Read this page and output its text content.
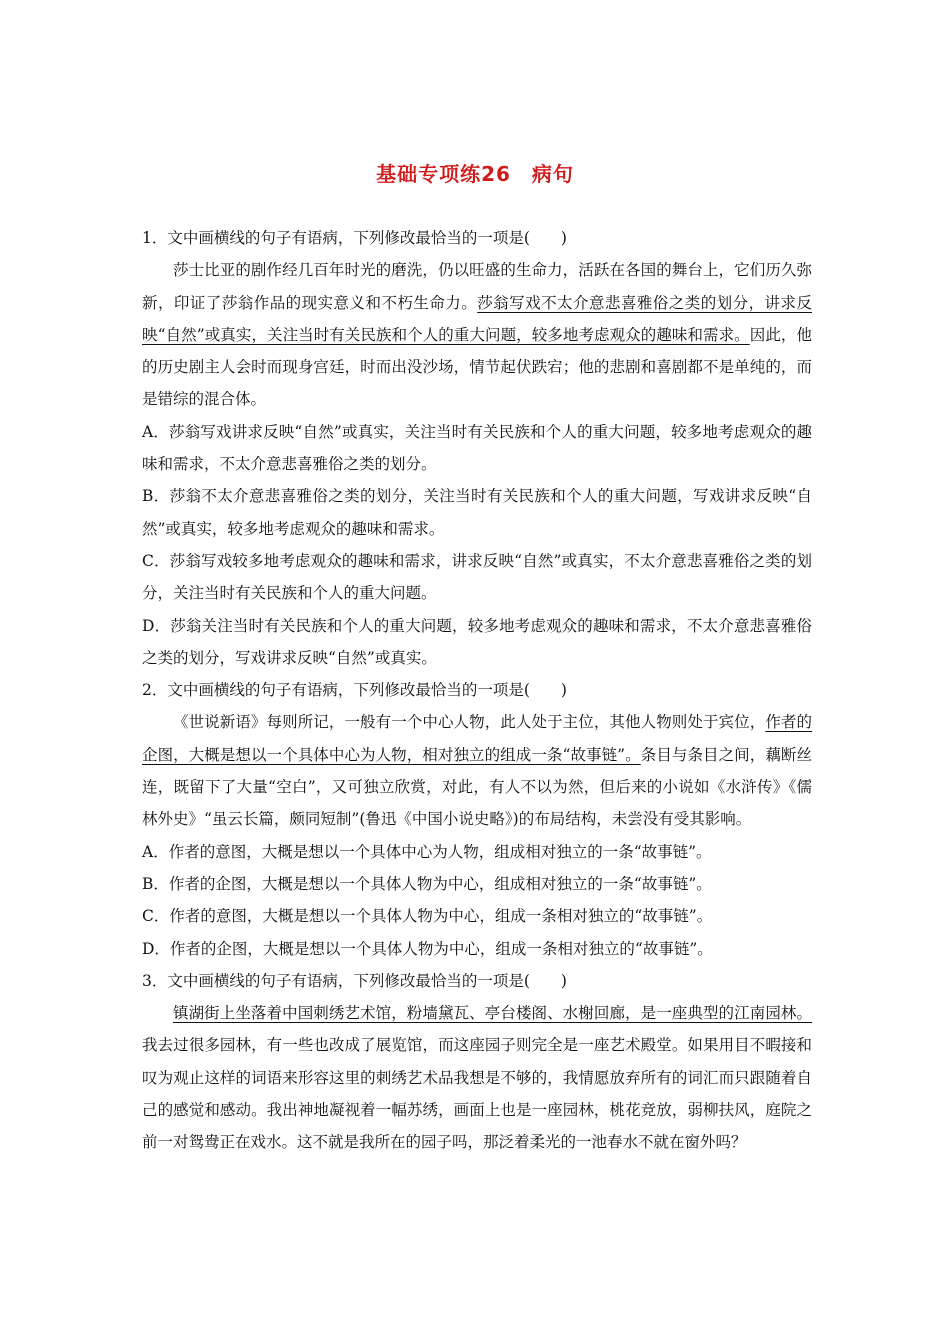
基础专项练26　病句

1．文中画横线的句子有语病，下列修改最恰当的一项是(　　)

莎士比亚的剧作经几百年时光的磨洗，仍以旺盛的生命力，活跃在各国的舞台上，它们历久弥新，印证了莎翁作品的现实意义和不朽生命力。莎翁写戏不太介意悲喜雅俗之类的划分，讲求反映“自然”或真实，关注当时有关民族和个人的重大问题，较多地考虑观众的趣味和需求。因此，他的历史剧主人会时而现身宫廷，时而出没沙场，情节起伏跌宕；他的悲剧和喜剧都不是单纯的，而是错综的混合体。

A．莎翁写戏讲求反映“自然”或真实，关注当时有关民族和个人的重大问题，较多地考虑观众的趣味和需求，不太介意悲喜雅俗之类的划分。

B．莎翁不太介意悲喜雅俗之类的划分，关注当时有关民族和个人的重大问题，写戏讲求反映“自然”或真实，较多地考虑观众的趣味和需求。

C．莎翁写戏较多地考虑观众的趣味和需求，讲求反映“自然”或真实，不太介意悲喜雅俗之类的划分，关注当时有关民族和个人的重大问题。

D．莎翁关注当时有关民族和个人的重大问题，较多地考虑观众的趣味和需求，不太介意悲喜雅俗之类的划分，写戏讲求反映“自然”或真实。

2．文中画横线的句子有语病，下列修改最恰当的一项是(　　)

《世说新语》每则所记，一般有一个中心人物，此人处于主位，其他人物则处于宾位，作者的企图，大概是想以一个具体中心为人物，相对独立的组成一条“故事链”。条目与条目之间，藕断丝连，既留下了大量“空白”，又可独立欣赏，对此，有人不以为然，但后来的小说如《水浒传》《儒林外史》“虽云长篇，颇同短制”(鲁迅《中国小说史略》)的布局结构，未尝没有受其影响。

A．作者的意图，大概是想以一个具体中心为人物，组成相对独立的一条“故事链”。

B．作者的企图，大概是想以一个具体人物为中心，组成相对独立的一条“故事链”。

C．作者的意图，大概是想以一个具体人物为中心，组成一条相对独立的“故事链”。

D．作者的企图，大概是想以一个具体人物为中心，组成一条相对独立的“故事链”。

3．文中画横线的句子有语病，下列修改最恰当的一项是(　　)

镇湖街上坐落着中国刺绣艺术馆，粉墙黛瓦、亭台楼阁、水榭回廊，是一座典型的江南园林。我去过很多园林，有一些也改成了展览馆，而这座园子则完全是一座艺术殿堂。如果用目不暇接和叹为观止这样的词语来形容这里的刺绣艺术品我想是不够的，我情愿放弃所有的词汇而只跟随着自己的感觉和感动。我出神地凝视着一幅苏绣，画面上也是一座园林，桃花竞放，弱柳扶风，庭院之前一对鸳鸯正在戏水。这不就是我所在的园子吗，那泛着柔光的一池春水不就在窗外吗？
